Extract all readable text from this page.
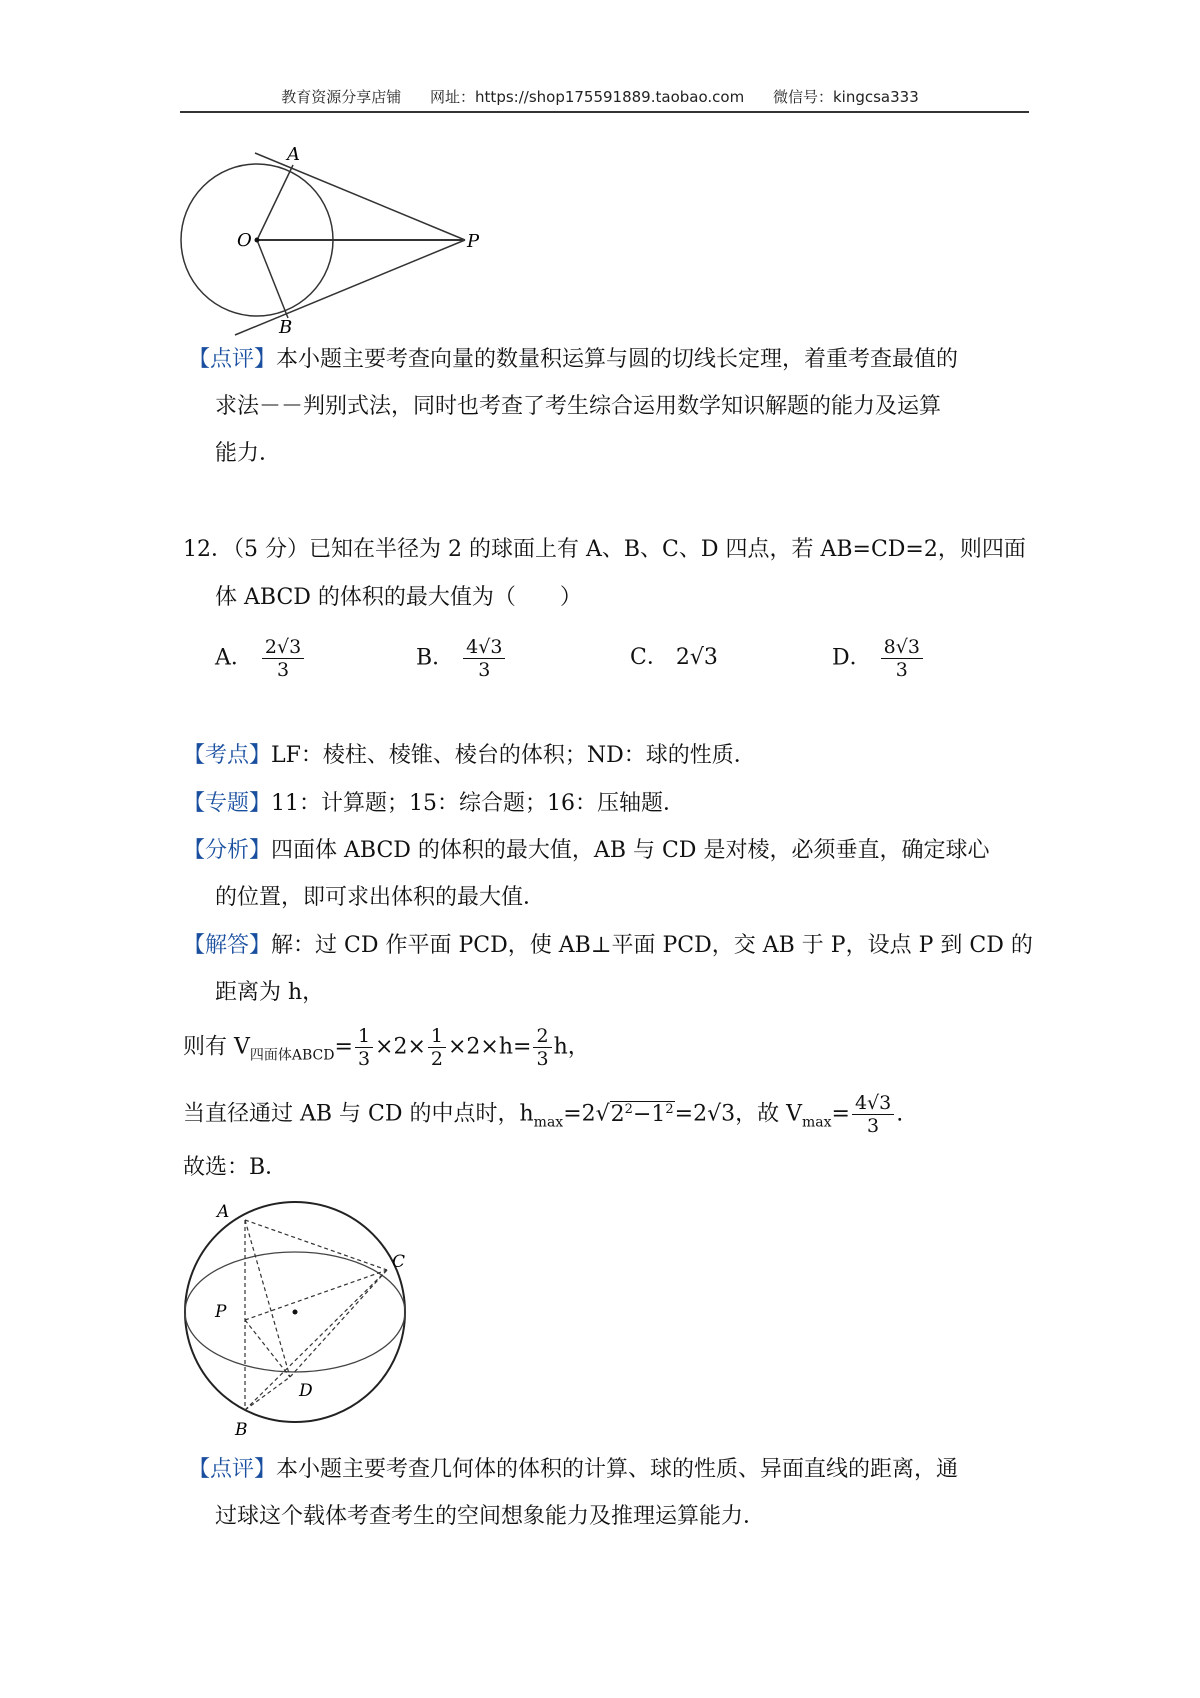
教育资源分享店铺 网址：https://shop175591889.taobao.com 微信号：kingcsa333
A
B
O	P
【点评】本小题主要考查向量的数量积运算与圆的切线长定理，着重考查最值的
求法－－判别式法，同时也考查了考生综合运用数学知识解题的能力及运算
能力．
12．（5 分）已知在半径为 2 的球面上有 A、B、C、D 四点，若 AB=CD=2，则四面
体 ABCD 的体积的最大值为（　　）
A． $\frac{2√3}{3}$	B． $\frac{4√3}{3}$	C． 2√3	D． $\frac{8√3}{3}$
【考点】LF：棱柱、棱锥、棱台的体积；ND：球的性质．
【专题】11：计算题；15：综合题；16：压轴题．
【分析】四面体 ABCD 的体积的最大值，AB 与 CD 是对棱，必须垂直，确定球心
的位置，即可求出体积的最大值．
【解答】解：过 CD 作平面 PCD，使 AB⊥平面 PCD，交 AB 于 P，设点 P 到 CD 的
距离为 h，
则有 $V_{四面体ABCD}= \frac{1}{3} \times 2\times \frac{1}{2} \times 2\times h= \frac{2}{3}$ h，
当直径通过 AB 与 CD 的中点时，$h_{max}=2√2^2-1^2=2√3$，故 $V_{max}= \frac{4√3}{3}$ .
故选：B．
A
B
C
D
P
【点评】本小题主要考查几何体的体积的计算、球的性质、异面直线的距离，通
过球这个载体考查考生的空间想象能力及推理运算能力．
